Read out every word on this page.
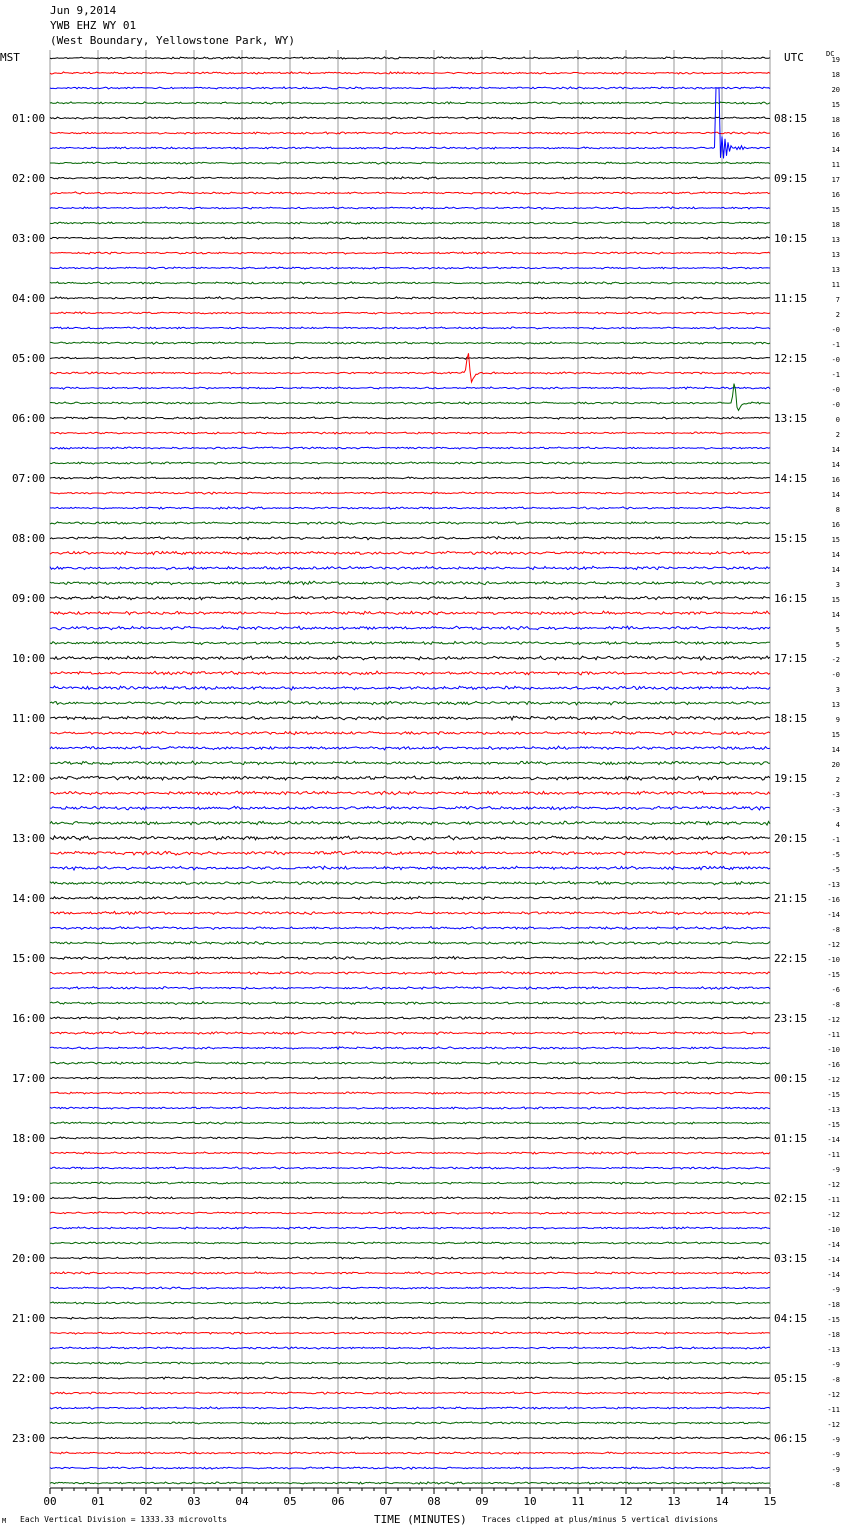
00	01	02	03	04	05	06	07	08	09	10	11	12	13	14	15
19
18
20
15
18
16
14
11
17
16
15
18
13
13
13
11
7
2
-0
-1
-0
-1
-0
-0
0
2
14
14
16
14
8
16
15
14
14
3
15
14
5
5
-2
-0
3
13
9
15
14
20
2
-3
-3
4
-1
-5
-5
-13
-16
-14
-8
-12
-10
-15
-6
-8
-12
-11
-10
-16
-12
-15
-13
-15
-14
-11
-9
-12
-11
-12
-10
-14
-14
-14
-9
-18
-15
-18
-13
-9
-8
-12
-11
-12
-9
-9
-9
-8
MST	UTC	DC
01:00	08:15
02:00	09:15
03:00	10:15
04:00	11:15
05:00	12:15
06:00	13:15
07:00	14:15
08:00	15:15
09:00	16:15
10:00	17:15
11:00	18:15
12:00	19:15
13:00	20:15
14:00	21:15
15:00	22:15
16:00	23:15
17:00	00:15
18:00	01:15
19:00	02:15
20:00	03:15
21:00	04:15
22:00	05:15
23:00	06:15
Jun 9,2014
YWB EHZ WY 01
(West Boundary, Yellowstone Park, WY)
M Each Vertical Division = 1333.33 microvolts	TIME (MINUTES) Traces clipped at plus/minus 5 vertical divisions
